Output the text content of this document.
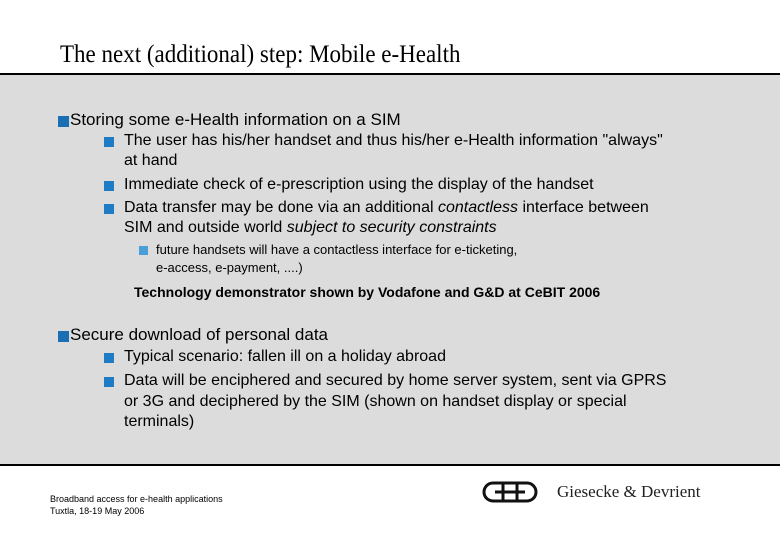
The next (additional) step: Mobile e-Health
Storing some e-Health information on a SIM
The user has his/her handset and thus his/her e-Health information "always"
at hand
Immediate check of e-prescription using the display of the handset
Data transfer may be done via an additional contactless interface between
SIM and outside world subject to security constraints
future handsets will have a contactless interface for e-ticketing,
e-access, e-payment, ....)
Technology demonstrator shown by Vodafone and G&D at CeBIT 2006
Secure download of personal data
Typical scenario: fallen ill on a holiday abroad
Data will be enciphered and secured by home server system, sent via GPRS
or 3G and deciphered by the SIM (shown on handset display or special
terminals)
Broadband access for e-health applications
Tuxtla, 18-19 May 2006
Giesecke & Devrient
